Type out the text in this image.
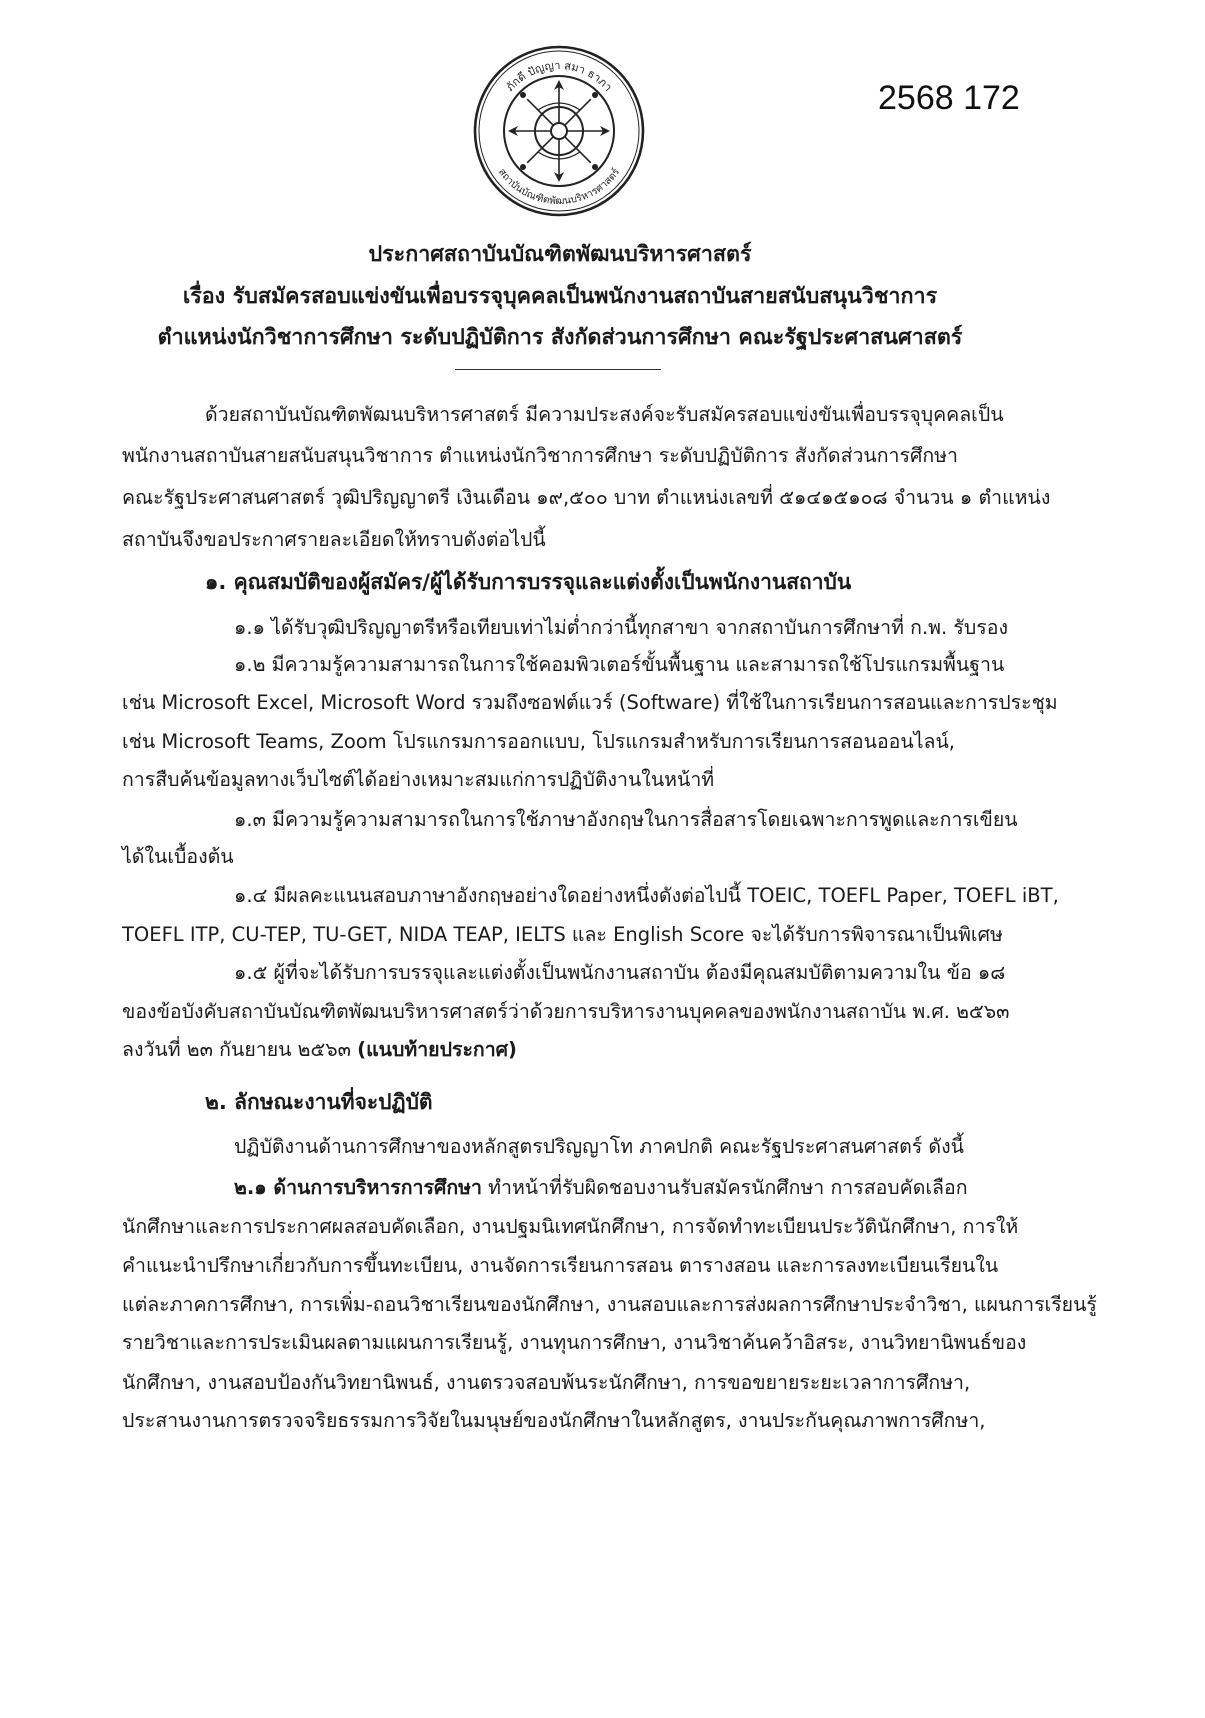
ภักดี ปัญญา สมา ธาภา
สถาบันบัณฑิตพัฒนบริหารศาสตร์
2568 172
ประกาศสถาบันบัณฑิตพัฒนบริหารศาสตร์
เรื่อง รับสมัครสอบแข่งขันเพื่อบรรจุบุคคลเป็นพนักงานสถาบันสายสนับสนุนวิชาการ
ตำแหน่งนักวิชาการศึกษา ระดับปฏิบัติการ สังกัดส่วนการศึกษา คณะรัฐประศาสนศาสตร์
ด้วยสถาบันบัณฑิตพัฒนบริหารศาสตร์ มีความประสงค์จะรับสมัครสอบแข่งขันเพื่อบรรจุบุคคลเป็น
พนักงานสถาบันสายสนับสนุนวิชาการ ตำแหน่งนักวิชาการศึกษา ระดับปฏิบัติการ สังกัดส่วนการศึกษา
คณะรัฐประศาสนศาสตร์ วุฒิปริญญาตรี เงินเดือน ๑๙,๕๐๐ บาท ตำแหน่งเลขที่ ๕๑๔๑๕๑๐๘ จำนวน ๑ ตำแหน่ง
สถาบันจึงขอประกาศรายละเอียดให้ทราบดังต่อไปนี้
๑. คุณสมบัติของผู้สมัคร/ผู้ได้รับการบรรจุและแต่งตั้งเป็นพนักงานสถาบัน
๑.๑ ได้รับวุฒิปริญญาตรีหรือเทียบเท่าไม่ต่ำกว่านี้ทุกสาขา จากสถาบันการศึกษาที่ ก.พ. รับรอง
๑.๒ มีความรู้ความสามารถในการใช้คอมพิวเตอร์ขั้นพื้นฐาน และสามารถใช้โปรแกรมพื้นฐาน
เช่น Microsoft Excel, Microsoft Word รวมถึงซอฟต์แวร์ (Software) ที่ใช้ในการเรียนการสอนและการประชุม
เช่น Microsoft Teams, Zoom โปรแกรมการออกแบบ, โปรแกรมสำหรับการเรียนการสอนออนไลน์,
การสืบค้นข้อมูลทางเว็บไซต์ได้อย่างเหมาะสมแก่การปฏิบัติงานในหน้าที่
๑.๓ มีความรู้ความสามารถในการใช้ภาษาอังกฤษในการสื่อสารโดยเฉพาะการพูดและการเขียน
ได้ในเบื้องต้น
๑.๔ มีผลคะแนนสอบภาษาอังกฤษอย่างใดอย่างหนึ่งดังต่อไปนี้ TOEIC, TOEFL Paper, TOEFL iBT,
TOEFL ITP, CU-TEP, TU-GET, NIDA TEAP, IELTS และ English Score จะได้รับการพิจารณาเป็นพิเศษ
๑.๕ ผู้ที่จะได้รับการบรรจุและแต่งตั้งเป็นพนักงานสถาบัน ต้องมีคุณสมบัติตามความใน ข้อ ๑๘
ของข้อบังคับสถาบันบัณฑิตพัฒนบริหารศาสตร์ว่าด้วยการบริหารงานบุคคลของพนักงานสถาบัน พ.ศ. ๒๕๖๓
ลงวันที่ ๒๓ กันยายน ๒๕๖๓ (แนบท้ายประกาศ)
๒. ลักษณะงานที่จะปฏิบัติ
ปฏิบัติงานด้านการศึกษาของหลักสูตรปริญญาโท ภาคปกติ คณะรัฐประศาสนศาสตร์ ดังนี้
๒.๑ ด้านการบริหารการศึกษา ทำหน้าที่รับผิดชอบงานรับสมัครนักศึกษา การสอบคัดเลือก
นักศึกษาและการประกาศผลสอบคัดเลือก, งานปฐมนิเทศนักศึกษา, การจัดทำทะเบียนประวัตินักศึกษา, การให้
คำแนะนำปรึกษาเกี่ยวกับการขึ้นทะเบียน, งานจัดการเรียนการสอน ตารางสอน และการลงทะเบียนเรียนใน
แต่ละภาคการศึกษา, การเพิ่ม-ถอนวิชาเรียนของนักศึกษา, งานสอบและการส่งผลการศึกษาประจำวิชา, แผนการเรียนรู้
รายวิชาและการประเมินผลตามแผนการเรียนรู้, งานทุนการศึกษา, งานวิชาค้นคว้าอิสระ, งานวิทยานิพนธ์ของ
นักศึกษา, งานสอบป้องกันวิทยานิพนธ์, งานตรวจสอบพ้นระนักศึกษา, การขอขยายระยะเวลาการศึกษา,
ประสานงานการตรวจจริยธรรมการวิจัยในมนุษย์ของนักศึกษาในหลักสูตร, งานประกันคุณภาพการศึกษา,
